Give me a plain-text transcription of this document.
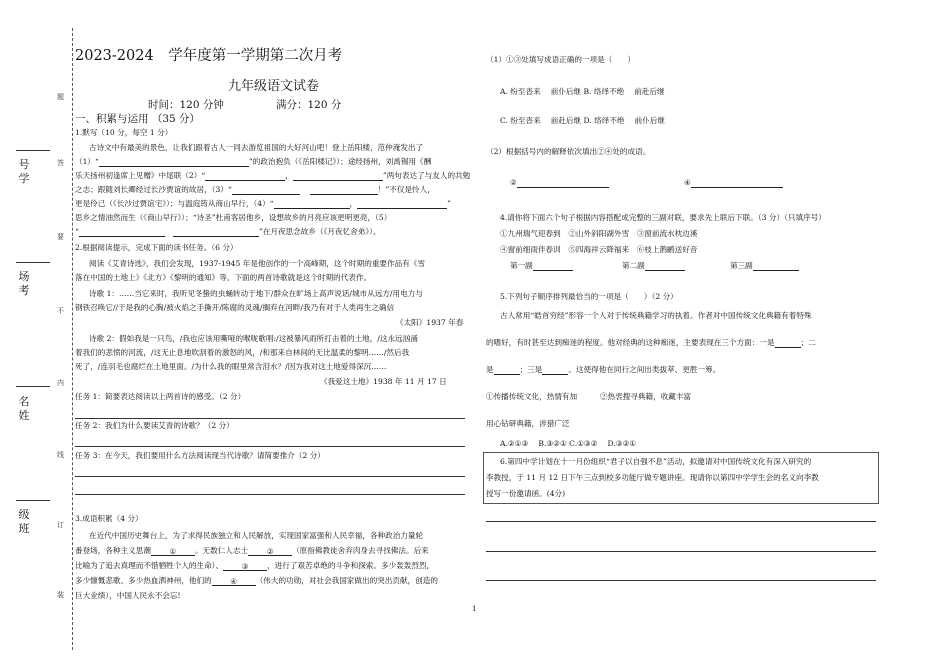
题
答
要
不
内
线
订
装
号学
场考
名姓
级班
2023-2024　学年度第一学期第二次月考
九年级语文试卷
时间：120 分钟	满分：120 分
一、积累与运用 （35 分）
1.默写（10 分，每空 1 分）
古诗文中有最美的景色，让我们跟着古人一同去游览祖国的大好河山吧！登上岳阳楼，范仲淹发出了
（1）“	”的政治抱负（《岳阳楼记》）；途经扬州，刘禹锡用《酬
乐天扬州初逢席上见赠》中尾联（2）“	，	”两句表达了与友人的共勉
之志；跟随刘长卿经过长沙贾谊的故居，（3）“	！”不仅是怜人，
更是伶己（《长沙过贾谊宅》）；与温庭筠从商山早行，（4）“	，	”
思乡之情油然而生（《商山早行》）；“诗圣”杜甫客居他乡，设想故乡的月亮应该更明更亮，（5）
“	”在月夜思念故乡（《月夜忆舍弟》）。
2.根据阅读提示，完成下面的读书任务。（6 分）
阅读《艾青诗选》，我们会发现，1937-1945 年是他创作的一个高峰期，这个时期的重要作品有《雪
落在中国的土地上》《北方》《黎明的通知》等。下面的两首诗歌就是这个时期的代表作。
诗歌 1：……当它来时，我听见冬蛰的虫蛹转动于地下/群众在旷场上高声说话/城市从远方/用电力与
钢铁召唤它//于是我的心胸/被火焰之手撕开/陈腐的灵魂/搁弃在河畔/我乃有对于人类再生之确信
《太阳》1937 年春
诗歌 2：假如我是一只鸟，/我也应该用嘶哑的喉咙歌唱:/这被暴风雨所打击着的土地，/这永远汹涌
着我们的悲愤的河流，/这无止息地吹刮着的激怒的风，/和那来自林间的无比温柔的黎明……/然后我
死了，/连羽毛也腐烂在土地里面。/为什么我的眼里常含泪水？/因为我对这土地爱得深沉……
《我爱这土地》1938 年 11 月 17 日
任务 1：简要表达阅读以上两首诗的感受。（2 分）
任务 2：我们为什么要读艾青的诗歌？（2 分）
任务 3：在今天，我们要用什么方法阅读现当代诗歌？请简要推介（2 分）
3.成语积累（4 分）
在近代中国历史舞台上，为了求得民族独立和人民解放，实现国家富强和人民幸福，各种政治力量轮
番登场，各种主义思潮 ① 。无数仁人志士 ② （原指佛教徒舍弃肉身去寻找佛法。后来
比喻为了追去真理而不惜牺牲个人的生命）、 ③ ，进行了艰苦卓绝的斗争和探索。多少轰轰烈烈，
多少慷慨悲歌、多少热血洒神州，他们的 ④ （伟大的功勋，对社会我国家做出的突出贡献，创造的
巨大业绩），中国人民永不会忘!
（1）①③处填写成语正确的一项是（　　）
A. 纷至沓来　 前仆后继 B. 络绎不绝　 前赴后继
C. 纷至沓来　 前赴后继 D. 络绎不绝　 前仆后继
（2）根据括号内的解释依次填出②④处的成语。
②	④
4.请你将下面六个句子根据内容搭配成完整的三副对联，要求先上联后下联。（3 分）（只填序号）
①九州瑞气迎春到　②山外斜阳湖外雪　③窗前流水枕边溪
④窗前细雨伴春训　⑤四海祥云降福来　⑥枝上鹊鹂送好音
第一副	第二副	第三副
5.下列句子顺序排列最恰当的一项是（　　）（2 分）
古人常用“皓首穷经”形容一个人对于传统典籍学习的执着。作者对中国传统文化典籍有着特殊
的嗜好，有时甚至达到痴迷的程度。他对经典的这种痴迷，主要表现在三个方面：一是	；二
是	；三是	。这使得他在同行之间出类拔萃、更胜一筹。
①传播传统文化，热情有加　　　②热衷搜寻典籍，收藏丰富
用心钻研典籍，涉猎广泛
A.②①③　 B.③②① C.①③②　 D.③②①
6.第四中学计划在十一月份组织“君子以自强不息”活动，拟邀请对中国传统文化有深入研究的
李教授，于 11 月 12 日下午三点到校多功能厅做专题讲座。现请你以第四中学学生会的名义向李教
授写一份邀请函。(4分)
1
